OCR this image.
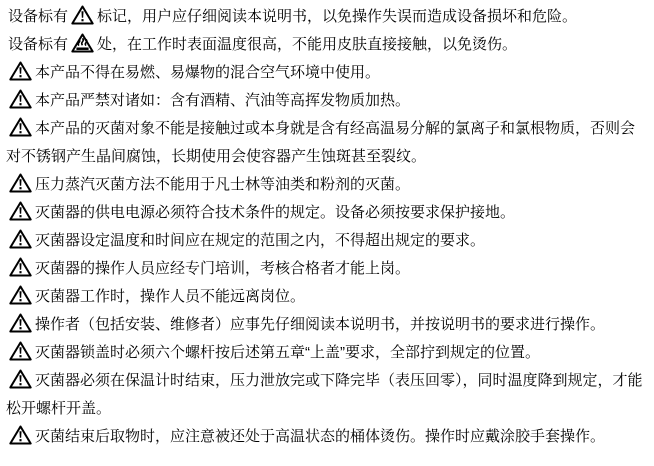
设备标有 标记，用户应仔细阅读本说明书，以免操作失误而造成设备损坏和危险。

设备标有 处，在工作时表面温度很高，不能用皮肤直接接触，以免烫伤。

本产品不得在易燃、易爆物的混合空气环境中使用。

本产品严禁对诸如：含有酒精、汽油等高挥发物质加热。

本产品的灭菌对象不能是接触过或本身就是含有经高温易分解的氯离子和氯根物质，否则会对不锈钢产生晶间腐蚀，长期使用会使容器产生蚀斑甚至裂纹。

压力蒸汽灭菌方法不能用于凡士林等油类和粉剂的灭菌。

灭菌器的供电电源必须符合技术条件的规定。设备必须按要求保护接地。

灭菌器设定温度和时间应在规定的范围之内，不得超出规定的要求。

灭菌器的操作人员应经专门培训，考核合格者才能上岗。

灭菌器工作时，操作人员不能远离岗位。

操作者（包括安装、维修者）应事先仔细阅读本说明书，并按说明书的要求进行操作。

灭菌器锁盖时必须六个螺杆按后述第五章“上盖”要求，全部拧到规定的位置。

灭菌器必须在保温计时结束，压力泄放完或下降完毕（表压回零），同时温度降到规定，才能松开螺杆开盖。

灭菌结束后取物时，应注意被还处于高温状态的桶体烫伤。操作时应戴涂胶手套操作。
